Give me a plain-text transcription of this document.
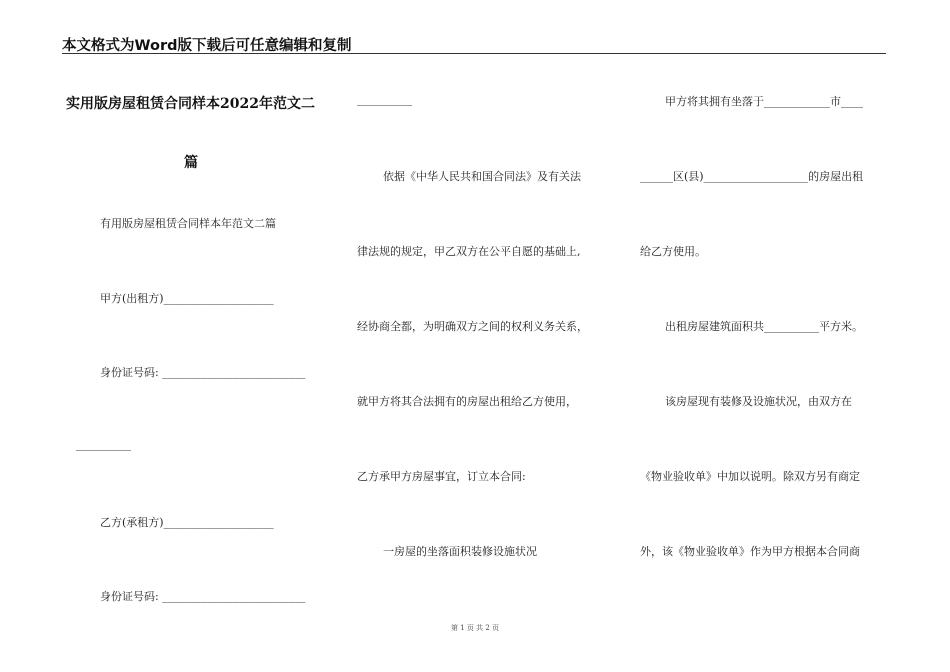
本文格式为Word版下载后可任意编辑和复制
实用版房屋租赁合同样本2022年范文二
篇
有用版房屋租赁合同样本年范文二篇
甲方(出租方)____________________
身份证号码: __________________________
__________
乙方(承租方)____________________
身份证号码: __________________________
__________
依据《中华人民共和国合同法》及有关法
律法规的规定，甲乙双方在公平自愿的基础上,
经协商全都，为明确双方之间的权利义务关系，
就甲方将其合法拥有的房屋出租给乙方使用，
乙方承甲方房屋事宜，订立本合同:
一房屋的坐落面积装修设施状况
甲方将其拥有坐落于____________市____
______区(县)___________________的房屋出租
给乙方使用。
出租房屋建筑面积共__________平方米。
该房屋现有装修及设施状况，由双方在
《物业验收单》中加以说明。除双方另有商定
外，该《物业验收单》作为甲方根据本合同商
第 1 页 共 2 页
